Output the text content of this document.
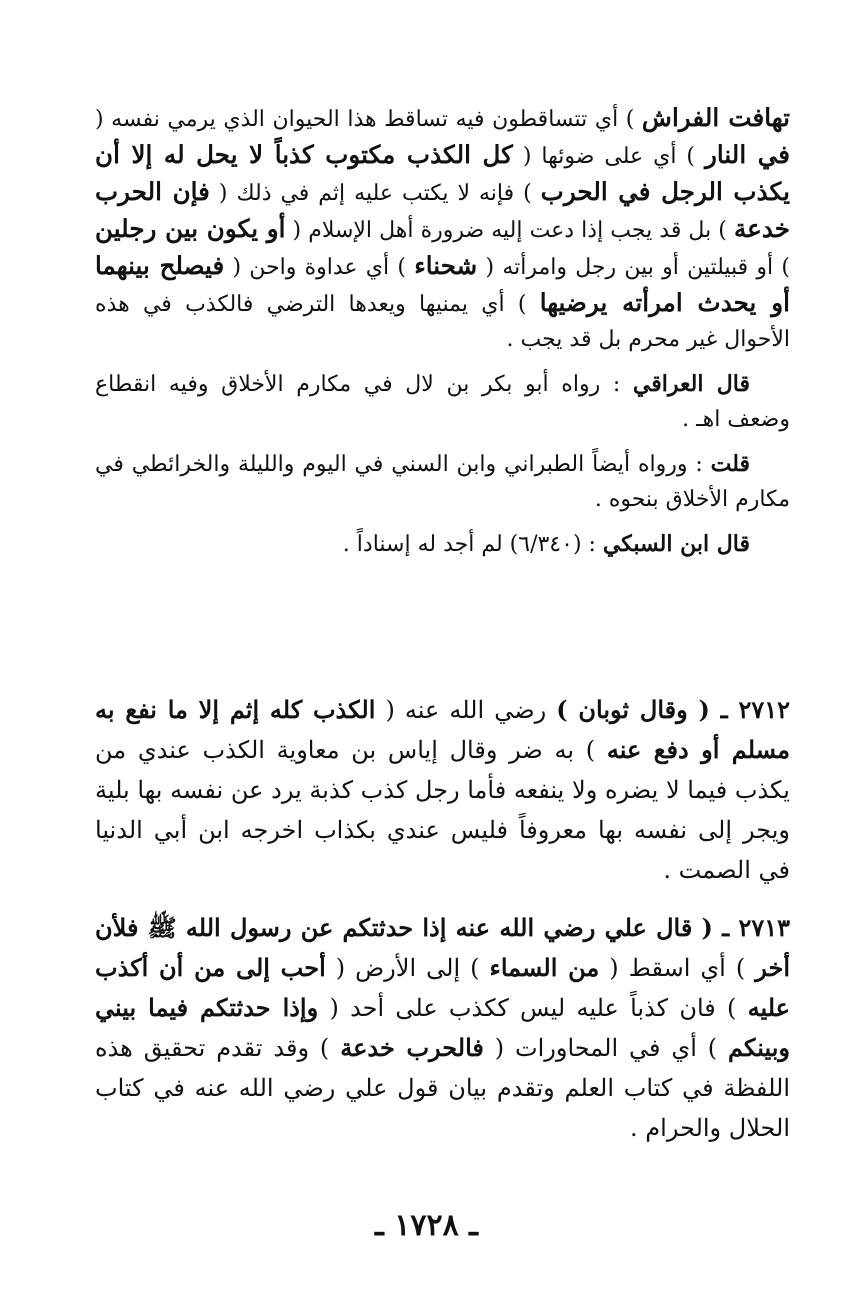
تهافت الفراش ) أي تتساقطون فيه تساقط هذا الحيوان الذي يرمي نفسه ( في النار ) أي على ضوئها ( كل الكذب مكتوب كذباً لا يحل له إلا أن يكذب الرجل في الحرب ) فإنه لا يكتب عليه إثم في ذلك ( فإن الحرب خدعة ) بل قد يجب إذا دعت إليه ضرورة أهل الإسلام ( أو يكون بين رجلين ) أو قبيلتين أو بين رجل وامرأته ( شحناء ) أي عداوة واحن ( فيصلح بينهما أو يحدث امرأته يرضيها ) أي يمنيها ويعدها الترضي فالكذب في هذه الأحوال غير محرم بل قد يجب .

قال العراقي : رواه أبو بكر بن لال في مكارم الأخلاق وفيه انقطاع وضعف اهـ .

قلت : ورواه أيضاً الطبراني وابن السني في اليوم والليلة والخرائطي في مكارم الأخلاق بنحوه .

قال ابن السبكي : (٦/٣٤٠) لم أجد له إسناداً .

٢٧١٢ ـ ( وقال ثوبان ) رضي الله عنه ( الكذب كله إثم إلا ما نفع به مسلم أو دفع عنه ) به ضر وقال إياس بن معاوية الكذب عندي من يكذب فيما لا يضره ولا ينفعه فأما رجل كذب كذبة يرد عن نفسه بها بلية ويجر إلى نفسه بها معروفاً فليس عندي بكذاب اخرجه ابن أبي الدنيا في الصمت .

٢٧١٣ ـ ( قال علي رضي الله عنه إذا حدثتكم عن رسول الله ﷺ فلأن أخر ) أي اسقط ( من السماء ) إلى الأرض ( أحب إلى من أن أكذب عليه ) فان كذباً عليه ليس ككذب على أحد ( وإذا حدثتكم فيما بيني وبينكم ) أي في المحاورات ( فالحرب خدعة ) وقد تقدم تحقيق هذه اللفظة في كتاب العلم وتقدم بيان قول علي رضي الله عنه في كتاب الحلال والحرام .

ـ ١٧٢٨ ـ
